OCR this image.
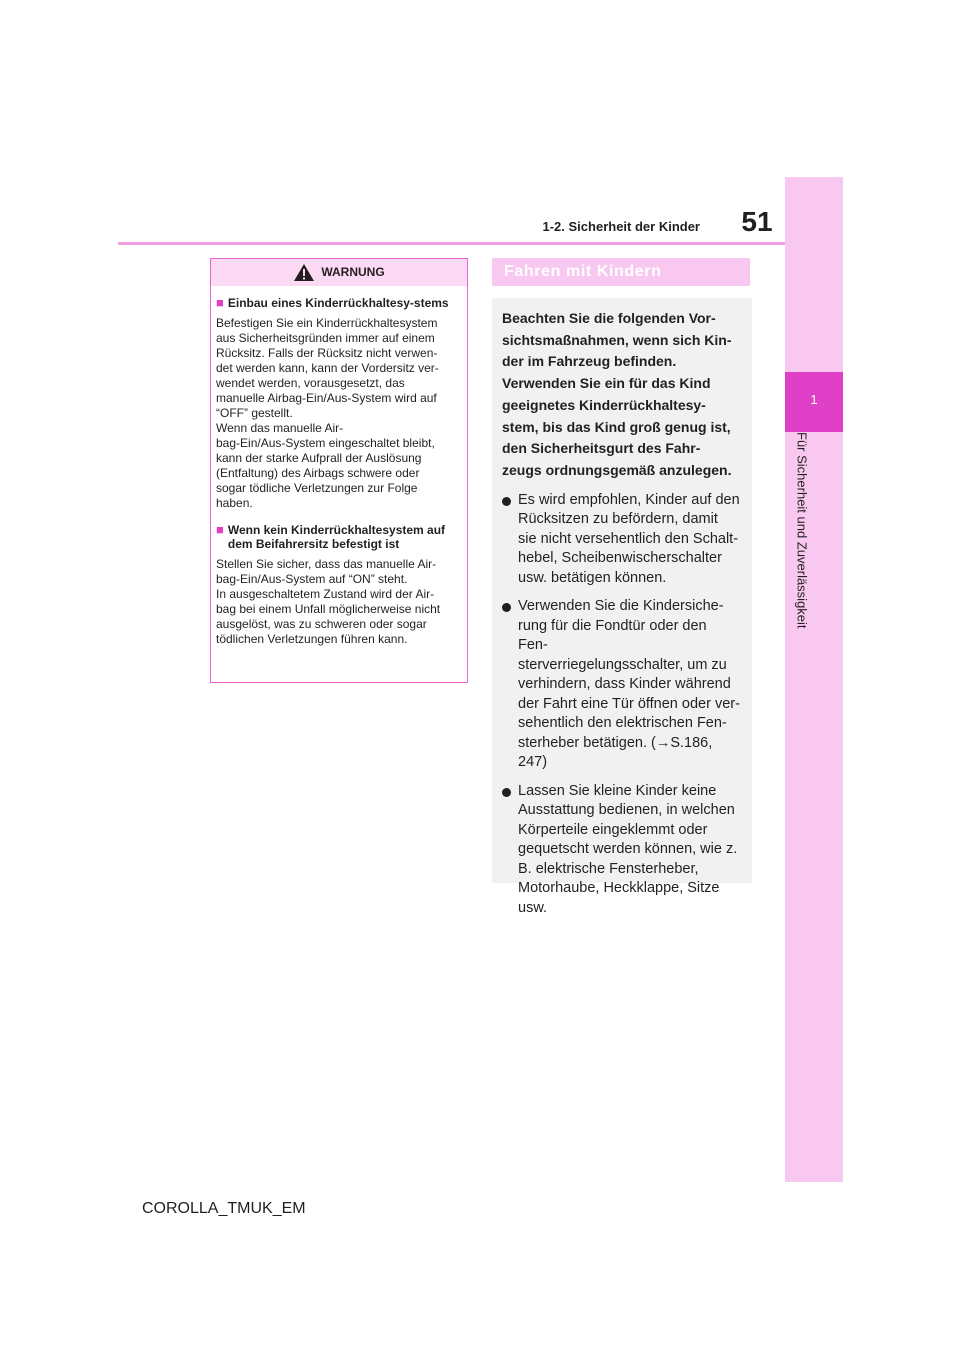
1
Für Sicherheit und Zuverlässigkeit
51
1-2. Sicherheit der Kinder
WARNUNG
■ Einbau eines Kinderrückhaltesy-stems
Befestigen Sie ein Kinderrückhaltesystem
aus Sicherheitsgründen immer auf einem
Rücksitz. Falls der Rücksitz nicht verwen-
det werden kann, kann der Vordersitz ver-
wendet werden, vorausgesetzt, das
manuelle Airbag-Ein/Aus-System wird auf
“OFF” gestellt.
Wenn das manuelle Air-
bag-Ein/Aus-System eingeschaltet bleibt,
kann der starke Aufprall der Auslösung
(Entfaltung) des Airbags schwere oder
sogar tödliche Verletzungen zur Folge
haben.
■ Wenn kein Kinderrückhaltesystem auf dem Beifahrersitz befestigt ist
Stellen Sie sicher, dass das manuelle Air-
bag-Ein/Aus-System auf “ON” steht.
In ausgeschaltetem Zustand wird der Air-
bag bei einem Unfall möglicherweise nicht
ausgelöst, was zu schweren oder sogar
tödlichen Verletzungen führen kann.
Fahren mit Kindern
Beachten Sie die folgenden Vor-
sichtsmaßnahmen, wenn sich Kin-
der im Fahrzeug befinden.
Verwenden Sie ein für das Kind
geeignetes Kinderrückhaltesy-
stem, bis das Kind groß genug ist,
den Sicherheitsgurt des Fahr-
zeugs ordnungsgemäß anzulegen.
Es wird empfohlen, Kinder auf den
Rücksitzen zu befördern, damit
sie nicht versehentlich den Schalt-
hebel, Scheibenwischerschalter
usw. betätigen können.
Verwenden Sie die Kindersiche-
rung für die Fondtür oder den Fen-
sterverriegelungsschalter, um zu
verhindern, dass Kinder während
der Fahrt eine Tür öffnen oder ver-
sehentlich den elektrischen Fen-
sterheber betätigen. (→S.186,
247)
Lassen Sie kleine Kinder keine
Ausstattung bedienen, in welchen
Körperteile eingeklemmt oder
gequetscht werden können, wie z.
B. elektrische Fensterheber,
Motorhaube, Heckklappe, Sitze
usw.
COROLLA_TMUK_EM
